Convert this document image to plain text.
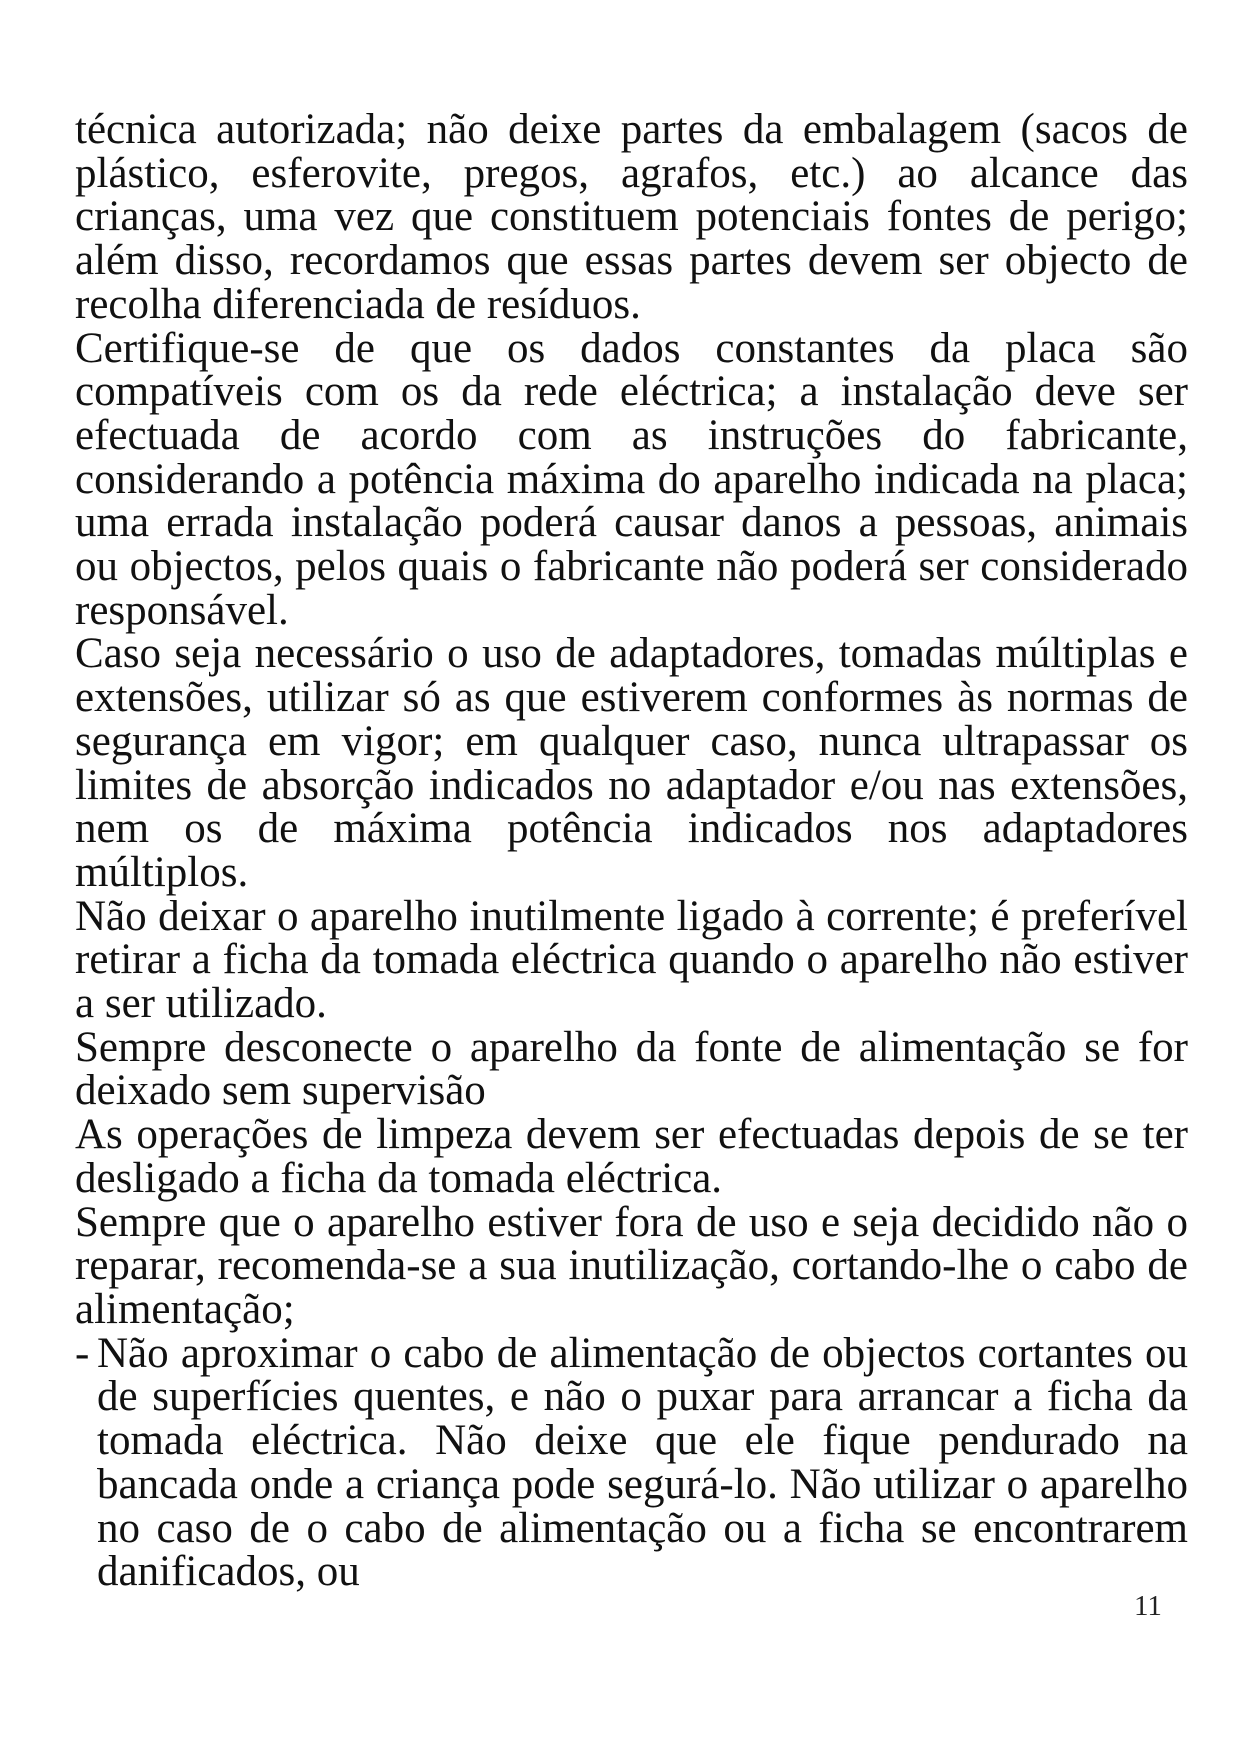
técnica autorizada; não deixe partes da embalagem (sacos de plástico, esferovite, pregos, agrafos, etc.) ao alcance das crianças, uma vez que constituem potenciais fontes de perigo; além disso, recordamos que essas partes devem ser objecto de recolha diferenciada de resíduos.

Certifique-se de que os dados constantes da placa são compatíveis com os da rede eléctrica; a instalação deve ser efectuada de acordo com as instruções do fabricante, considerando a potência máxima do aparelho indicada na placa; uma errada instalação poderá causar danos a pessoas, animais ou objectos, pelos quais o fabricante não poderá ser considerado responsável.

Caso seja necessário o uso de adaptadores, tomadas múltiplas e extensões, utilizar só as que estiverem conformes às normas de segurança em vigor; em qualquer caso, nunca ultrapassar os limites de absorção indicados no adaptador e/ou nas extensões, nem os de máxima potência indicados nos adaptadores múltiplos.

Não deixar o aparelho inutilmente ligado à corrente; é preferível retirar a ficha da tomada eléctrica quando o aparelho não estiver a ser utilizado.

Sempre desconecte o aparelho da fonte de alimentação se for deixado sem supervisão

As operações de limpeza devem ser efectuadas depois de se ter desligado a ficha da tomada eléctrica.

Sempre que o aparelho estiver fora de uso e seja decidido não o reparar, recomenda-se a sua inutilização, cortando-lhe o cabo de alimentação;

- Não aproximar o cabo de alimentação de objectos cortantes ou de superfícies quentes, e não o puxar para arrancar a ficha da tomada eléctrica. Não deixe que ele fique pendurado na bancada onde a criança pode segurá-lo. Não utilizar o aparelho no caso de o cabo de alimentação ou a ficha se encontrarem danificados, ou
11
